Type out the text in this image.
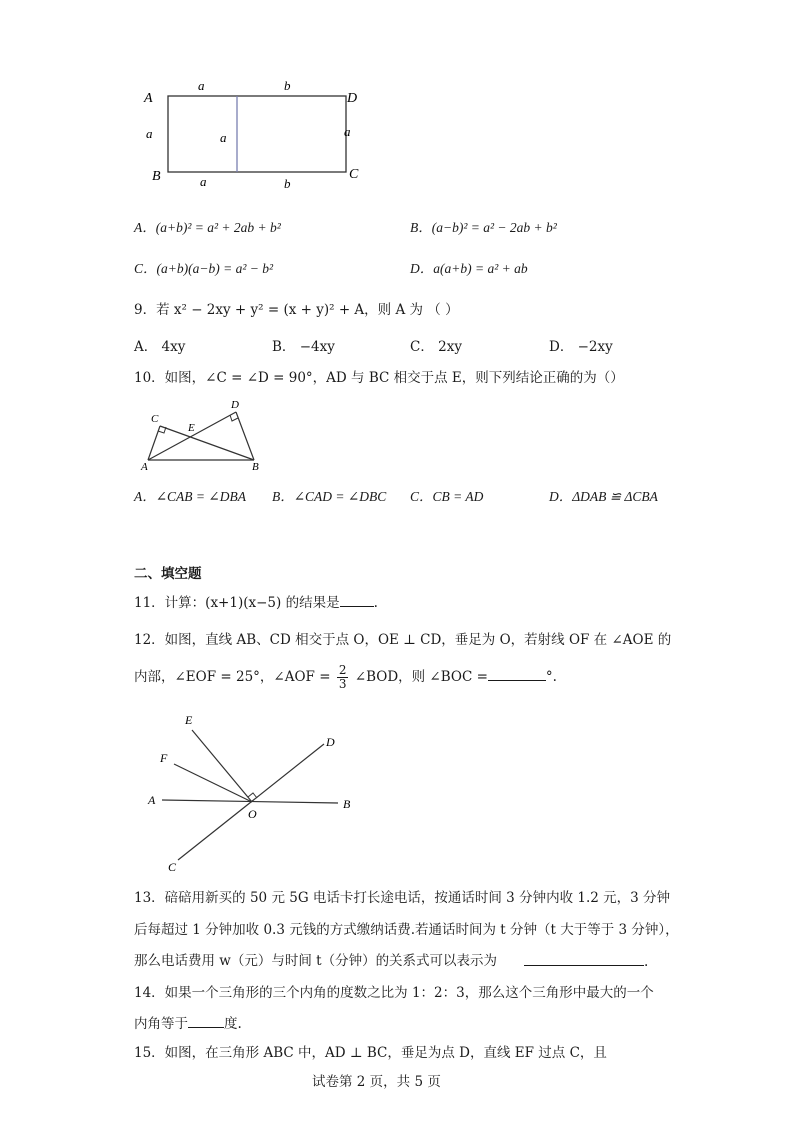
A
B
D
C
a	b
a	a	a
a	b
A．(a+b)² = a² + 2ab + b²	B．(a−b)² = a² − 2ab + b²
C．(a+b)(a−b) = a² − b²	D．a(a+b) = a² + ab
9．若 x² − 2xy + y² = (x + y)² + A，则 A 为 （ ）
A． 4xy	B． −4xy	C． 2xy	D． −2xy
10．如图，∠C = ∠D = 90°，AD 与 BC 相交于点 E，则下列结论正确的为（）
C
D
E
A	B
A．∠CAB = ∠DBA B．∠CAD = ∠DBC C．CB = AD	D．ΔDAB ≌ ΔCBA
二、填空题
11．计算：(x+1)(x−5) 的结果是	.
12．如图，直线 AB、CD 相交于点 O，OE ⊥ CD，垂足为 O，若射线 OF 在 ∠AOE 的
内部，∠EOF = 25°，∠AOF = $\frac{2}{3}$ ∠BOD，则 ∠BOC =	°.
E
F
D
A
O
B
C
13．碚碚用新买的 50 元 5G 电话卡打长途电话，按通话时间 3 分钟内收 1.2 元，3 分钟
后每超过 1 分钟加收 0.3 元钱的方式缴纳话费.若通话时间为 t 分钟（t 大于等于 3 分钟），
那么电话费用 w（元）与时间 t（分钟）的关系式可以表示为	.
14．如果一个三角形的三个内角的度数之比为 1：2：3，那么这个三角形中最大的一个
内角等于	度.
15．如图，在三角形 ABC 中，AD ⊥ BC，垂足为点 D，直线 EF 过点 C，且
试卷第 2 页，共 5 页
